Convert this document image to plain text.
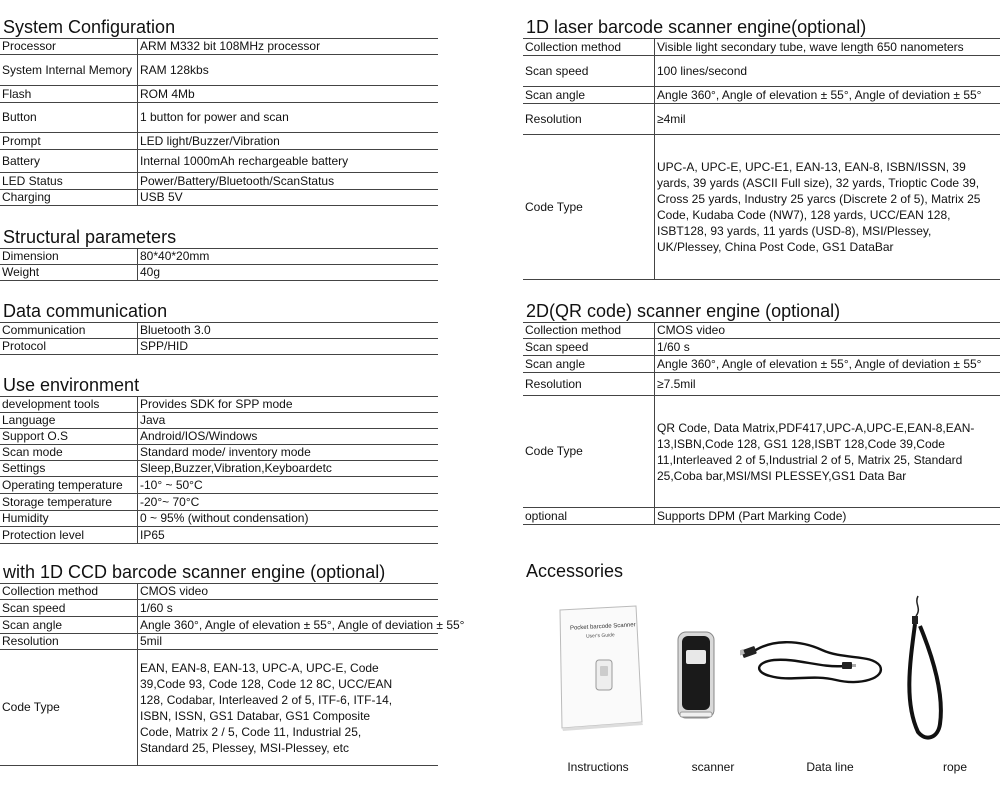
System Configuration
Processor	ARM M332 bit 108MHz processor
System Internal Memory	RAM 128kbs
Flash	ROM 4Mb
Button	1 button for power and scan
Prompt	LED light/Buzzer/Vibration
Battery	Internal 1000mAh rechargeable battery
LED Status	Power/Battery/Bluetooth/ScanStatus
Charging	USB 5V
Structural parameters
Dimension	80*40*20mm
Weight	40g
Data communication
Communication	Bluetooth 3.0
Protocol	SPP/HID
Use environment
development tools	Provides SDK for SPP mode
Language	Java
Support O.S	Android/IOS/Windows
Scan mode	Standard mode/ inventory mode
Settings	Sleep,Buzzer,Vibration,Keyboardetc
Operating temperature	-10° ~ 50°C
Storage temperature	-20°~ 70°C
Humidity	0 ~ 95% (without condensation)
Protection level	IP65
with 1D CCD barcode scanner engine (optional)
Collection method	CMOS video
Scan speed	1/60 s
Scan angle	Angle 360°, Angle of elevation ± 55°, Angle of deviation ± 55°
Resolution	5mil
Code Type	EAN, EAN-8, EAN-13, UPC-A, UPC-E, Code 39,Code 93, Code 128, Code 12 8C, UCC/EAN 128, Codabar, Interleaved 2 of 5, ITF-6, ITF-14, ISBN, ISSN, GS1 Databar, GS1 Composite Code, Matrix 2 / 5, Code 11, Industrial 25, Standard 25, Plessey, MSI-Plessey, etc
1D laser barcode scanner engine(optional)
Collection method	Visible light secondary tube, wave length 650 nanometers
Scan speed	100 lines/second
Scan angle	Angle 360°, Angle of elevation ± 55°, Angle of deviation ± 55°
Resolution	≥4mil
Code Type	UPC-A, UPC-E, UPC-E1, EAN-13, EAN-8, ISBN/ISSN, 39 yards, 39 yards (ASCII Full size), 32 yards, Trioptic Code 39, Cross 25 yards, Industry 25 yarcs (Discrete 2 of 5), Matrix 25 Code, Kudaba Code (NW7), 128 yards, UCC/EAN 128, ISBT128, 93 yards, 11 yards (USD-8), MSI/Plessey, UK/Plessey, China Post Code, GS1 DataBar
2D(QR code) scanner engine (optional)
Collection method	CMOS video
Scan speed	1/60 s
Scan angle	Angle 360°, Angle of elevation ± 55°, Angle of deviation ± 55°
Resolution	≥7.5mil
Code Type	QR Code, Data Matrix,PDF417,UPC-A,UPC-E,EAN-8,EAN-13,ISBN,Code 128, GS1 128,ISBT 128,Code 39,Code 11,Interleaved 2 of 5,Industrial 2 of 5, Matrix 25, Standard 25,Coba bar,MSI/MSI PLESSEY,GS1 Data Bar
optional	Supports DPM (Part Marking Code)
Accessories
Pocket barcode Scanner
User's Guide
Instructions	scanner	Data line	rope
